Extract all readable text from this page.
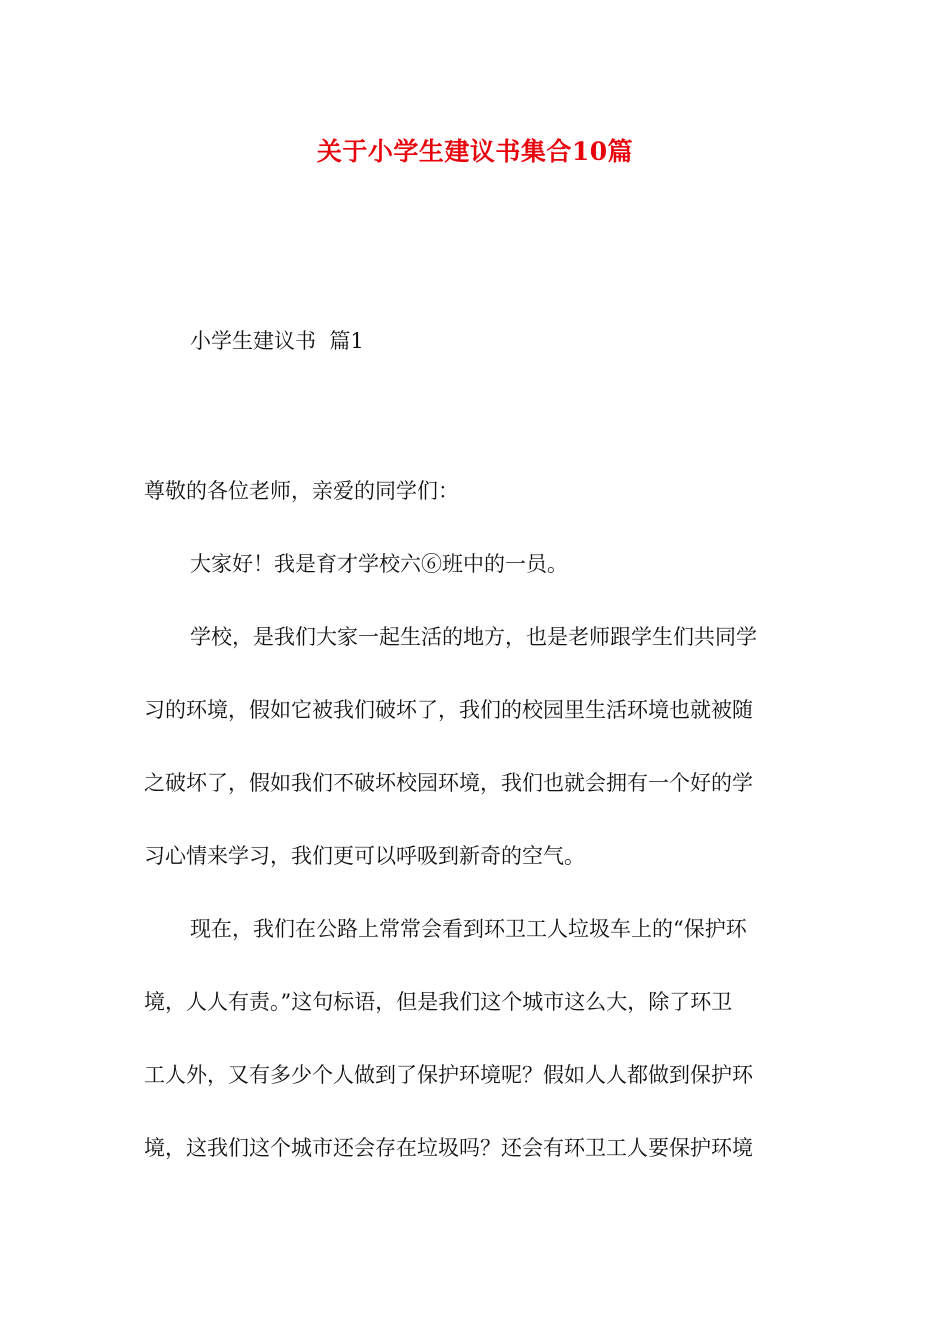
关于小学生建议书集合10篇
小学生建议书  篇1
尊敬的各位老师，亲爱的同学们：
大家好！我是育才学校六⑥班中的一员。
学校，是我们大家一起生活的地方，也是老师跟学生们共同学
习的环境，假如它被我们破坏了，我们的校园里生活环境也就被随
之破坏了，假如我们不破坏校园环境，我们也就会拥有一个好的学
习心情来学习，我们更可以呼吸到新奇的空气。
现在，我们在公路上常常会看到环卫工人垃圾车上的“保护环
境，人人有责。”这句标语，但是我们这个城市这么大，除了环卫
工人外，又有多少个人做到了保护环境呢？假如人人都做到保护环
境，这我们这个城市还会存在垃圾吗？还会有环卫工人要保护环境
